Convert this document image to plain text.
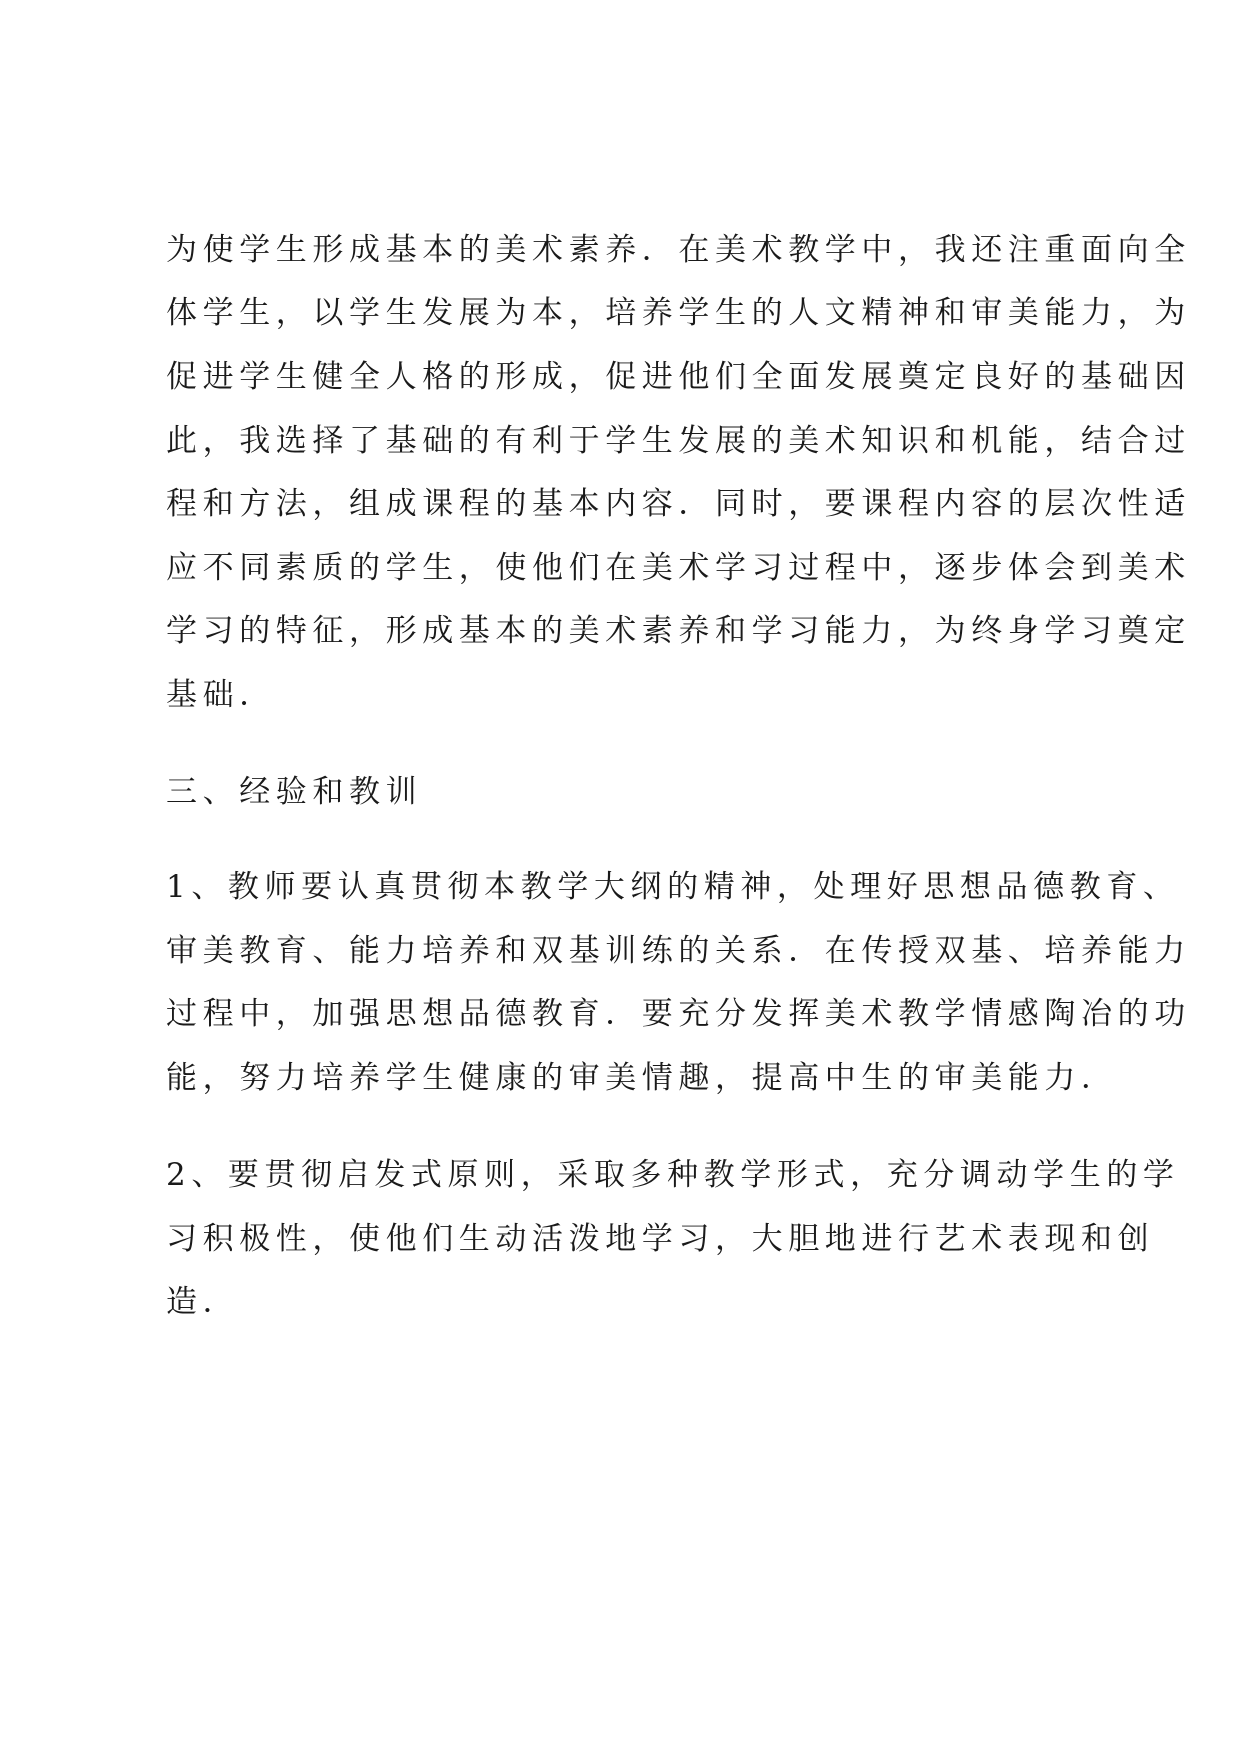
为使学生形成基本的美术素养．在美术教学中，我还注重面向全
体学生，以学生发展为本，培养学生的人文精神和审美能力，为
促进学生健全人格的形成，促进他们全面发展奠定良好的基础因
此，我选择了基础的有利于学生发展的美术知识和机能，结合过
程和方法，组成课程的基本内容．同时，要课程内容的层次性适
应不同素质的学生，使他们在美术学习过程中，逐步体会到美术
学习的特征，形成基本的美术素养和学习能力，为终身学习奠定
基础．
三、经验和教训
1、教师要认真贯彻本教学大纲的精神，处理好思想品德教育、
审美教育、能力培养和双基训练的关系．在传授双基、培养能力
过程中，加强思想品德教育．要充分发挥美术教学情感陶冶的功
能，努力培养学生健康的审美情趣，提高中生的审美能力．
2、要贯彻启发式原则，采取多种教学形式，充分调动学生的学
习积极性，使他们生动活泼地学习，大胆地进行艺术表现和创
造．
